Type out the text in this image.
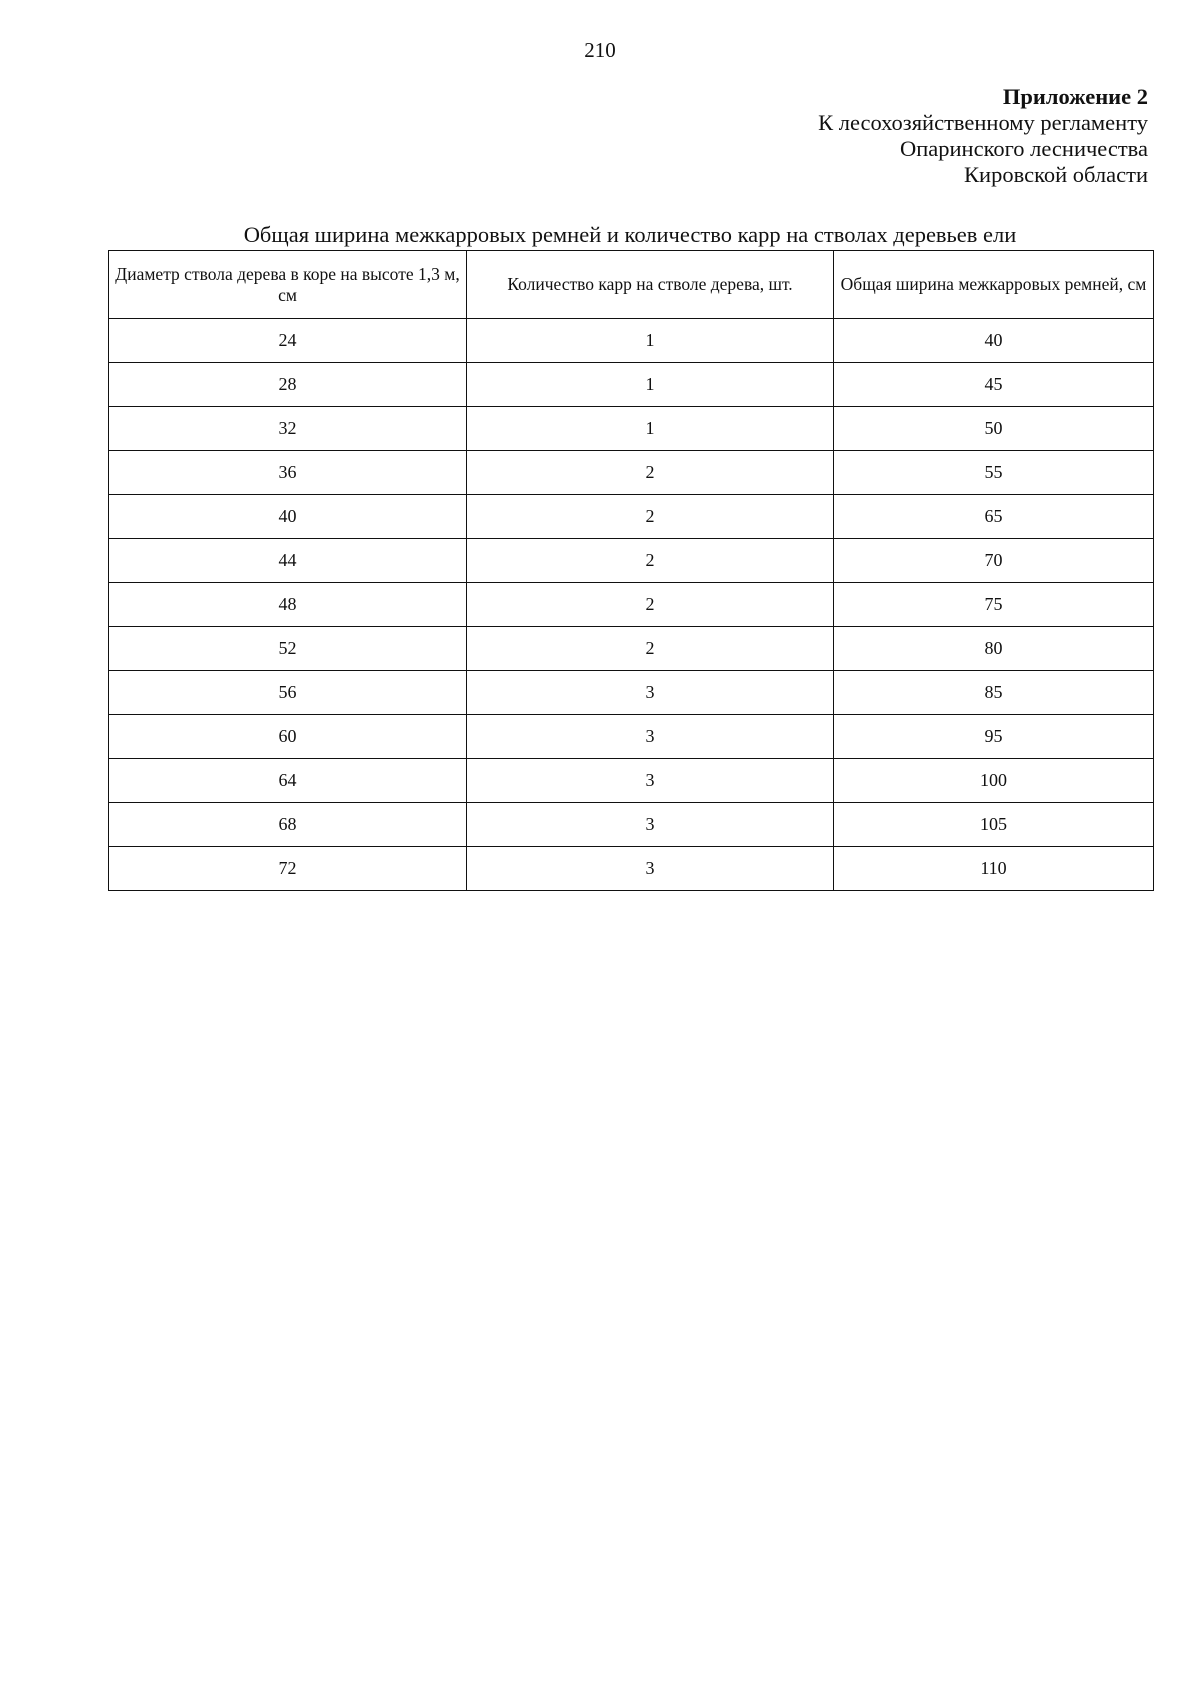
210
Приложение 2
К лесохозяйственному регламенту
Опаринского лесничества
Кировской области
Общая ширина межкарровых ремней и количество карр на стволах деревьев ели
Диаметр ствола дерева в коре на высоте 1,3 м, см	Количество карр на стволе дерева, шт.	Общая ширина межкарровых ремней, см
24	1	40
28	1	45
32	1	50
36	2	55
40	2	65
44	2	70
48	2	75
52	2	80
56	3	85
60	3	95
64	3	100
68	3	105
72	3	110
